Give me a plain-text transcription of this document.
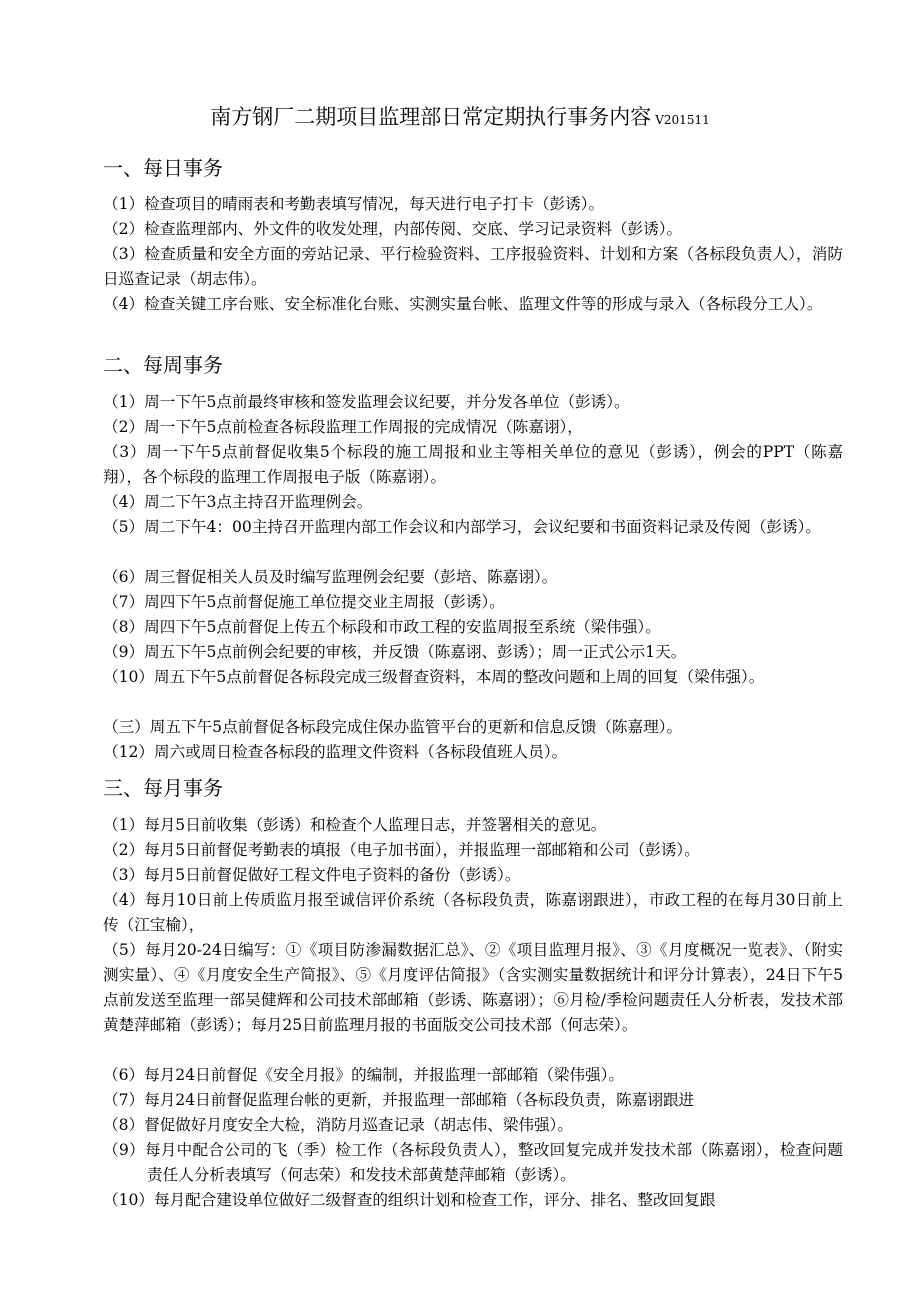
南方钢厂二期项目监理部日常定期执行事务内容 V201511
一、每日事务
（1）检查项目的晴雨表和考勤表填写情况，每天进行电子打卡（彭诱）。
（2）检查监理部内、外文件的收发处理，内部传阅、交底、学习记录资料（彭诱）。
（3）检查质量和安全方面的旁站记录、平行检验资料、工序报验资料、计划和方案（各标段负责人），消防日巡查记录（胡志伟）。
（4）检查关键工序台账、安全标准化台账、实测实量台帐、监理文件等的形成与录入（各标段分工人）。
二、每周事务
（1）周一下午5点前最终审核和签发监理会议纪要，并分发各单位（彭诱）。
（2）周一下午5点前检查各标段监理工作周报的完成情况（陈嘉诩），
（3）周一下午5点前督促收集5个标段的施工周报和业主等相关单位的意见（彭诱），例会的PPT（陈嘉翔），各个标段的监理工作周报电子版（陈嘉诩）。
（4）周二下午3点主持召开监理例会。
（5）周二下午4：00主持召开监理内部工作会议和内部学习，会议纪要和书面资料记录及传阅（彭诱）。
（6）周三督促相关人员及时编写监理例会纪要（彭培、陈嘉诩）。
（7）周四下午5点前督促施工单位提交业主周报（彭诱）。
（8）周四下午5点前督促上传五个标段和市政工程的安监周报至系统（梁伟强）。
（9）周五下午5点前例会纪要的审核，并反馈（陈嘉诩、彭诱）；周一正式公示1天。
（10）周五下午5点前督促各标段完成三级督查资料，本周的整改问题和上周的回复（梁伟强）。
（三）周五下午5点前督促各标段完成住保办监管平台的更新和信息反馈（陈嘉理）。
（12）周六或周日检查各标段的监理文件资料（各标段值班人员）。
三、每月事务
（1）每月5日前收集（彭诱）和检查个人监理日志，并签署相关的意见。
（2）每月5日前督促考勤表的填报（电子加书面），并报监理一部邮箱和公司（彭诱）。
（3）每月5日前督促做好工程文件电子资料的备份（彭诱）。
（4）每月10日前上传质监月报至诚信评价系统（各标段负责，陈嘉诩跟进），市政工程的在每月30日前上传（江宝榆），
（5）每月20-24日编写：①《项目防渗漏数据汇总》、②《项目监理月报》、③《月度概况一览表》、（附实测实量）、④《月度安全生产简报》、⑤《月度评估简报》（含实测实量数据统计和评分计算表），24日下午5点前发送至监理一部吴健辉和公司技术部邮箱（彭诱、陈嘉诩）；⑥月检/季检问题责任人分析表，发技术部黄楚萍邮箱（彭诱）；每月25日前监理月报的书面版交公司技术部（何志荣）。
（6）每月24日前督促《安全月报》的编制，并报监理一部邮箱（梁伟强）。
（7）每月24日前督促监理台帐的更新，并报监理一部邮箱（各标段负责，陈嘉诩跟进
（8）督促做好月度安全大检，消防月巡查记录（胡志伟、梁伟强）。
（9）每月中配合公司的飞（季）检工作（各标段负责人），整改回复完成并发技术部（陈嘉诩），检查问题责任人分析表填写（何志荣）和发技术部黄楚萍邮箱（彭诱）。
（10）每月配合建设单位做好二级督查的组织计划和检查工作，评分、排名、整改回复跟
